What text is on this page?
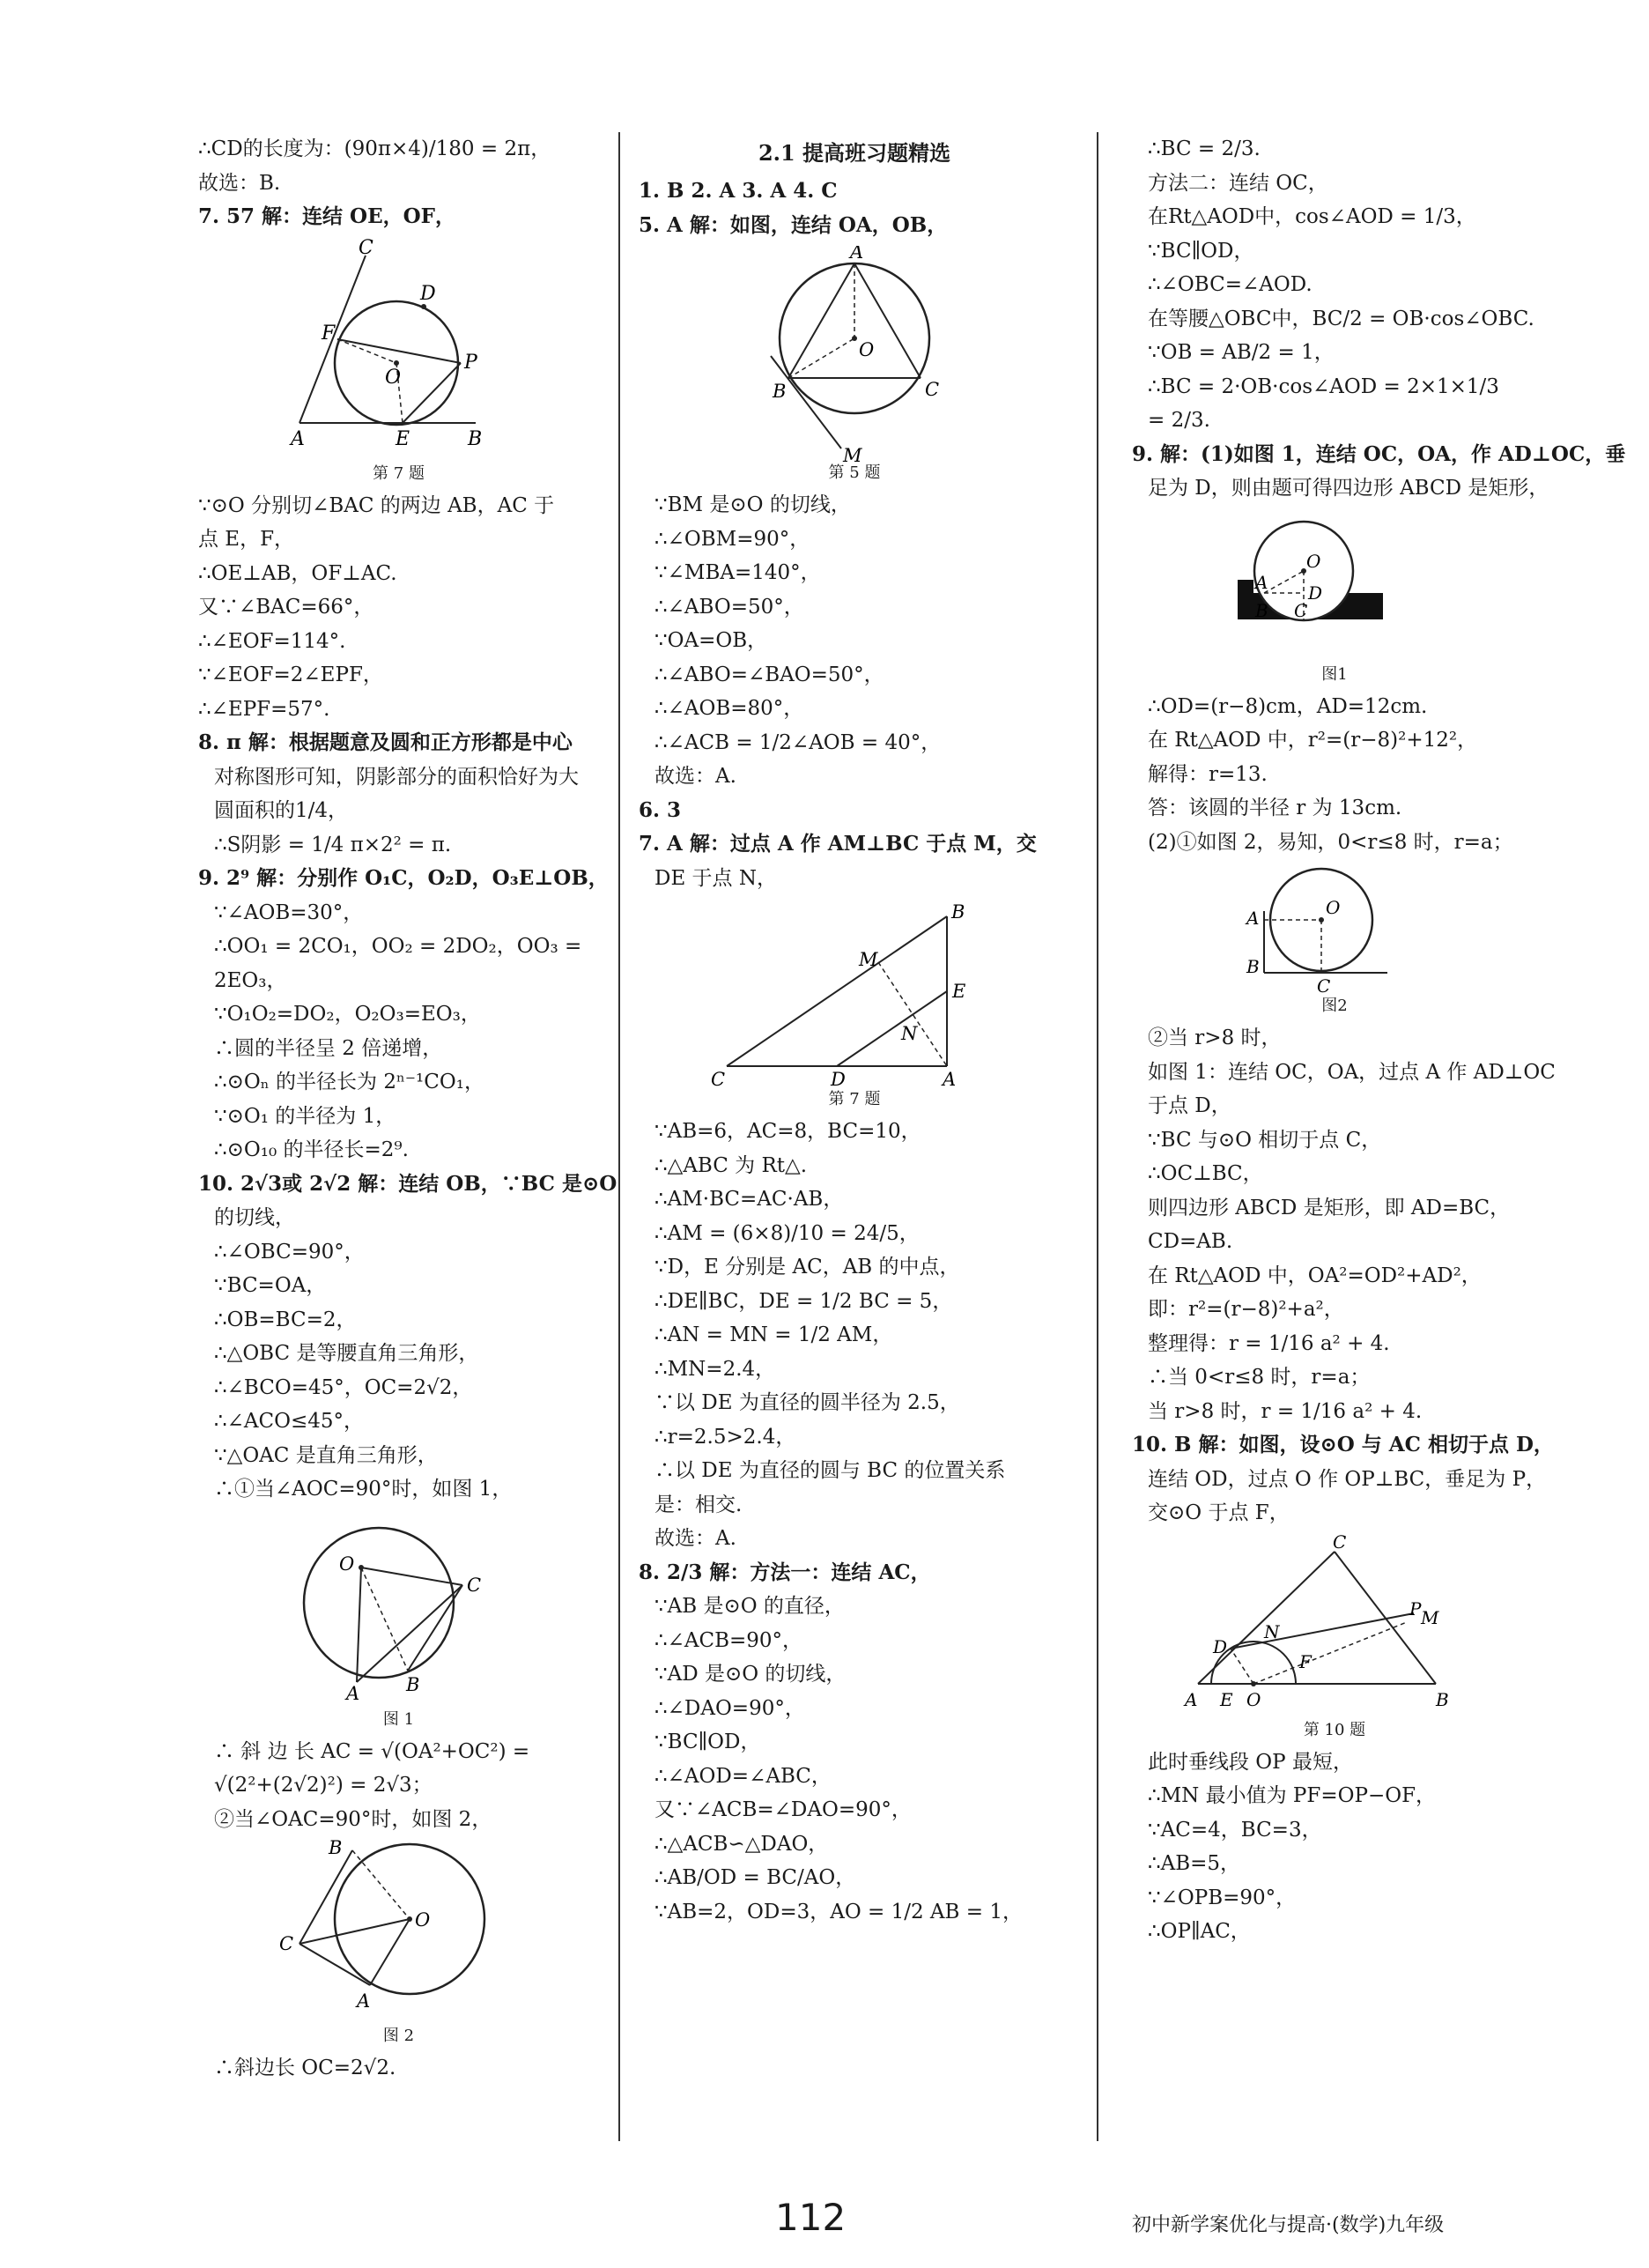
∴CD的长度为：(90π×4)/180 = 2π，
故选：B.
7. 57 解：连结 OE，OF，
C
D
F
P
O
A	E	B
第 7 题
∵⊙O 分别切∠BAC 的两边 AB，AC 于
点 E，F，
∴OE⊥AB，OF⊥AC.
又∵∠BAC=66°，
∴∠EOF=114°.
∵∠EOF=2∠EPF，
∴∠EPF=57°.
8. π 解：根据题意及圆和正方形都是中心
对称图形可知，阴影部分的面积恰好为大
圆面积的1/4，
∴S阴影 = 1/4 π×2² = π.
9. 2⁹ 解：分别作 O₁C，O₂D，O₃E⊥OB，
∵∠AOB=30°，
∴OO₁ = 2CO₁，OO₂ = 2DO₂，OO₃ =
2EO₃，
∵O₁O₂=DO₂，O₂O₃=EO₃，
∴圆的半径呈 2 倍递增，
∴⊙Oₙ 的半径长为 2ⁿ⁻¹CO₁，
∵⊙O₁ 的半径为 1，
∴⊙O₁₀ 的半径长=2⁹.
10. 2√3或 2√2 解：连结 OB，∵BC 是⊙O
的切线，
∴∠OBC=90°，
∵BC=OA，
∴OB=BC=2，
∴△OBC 是等腰直角三角形，
∴∠BCO=45°，OC=2√2，
∴∠ACO≤45°，
∵△OAC 是直角三角形，
∴①当∠AOC=90°时，如图 1，
O
C
A	B
图 1
∴ 斜 边 长 AC = √(OA²+OC²) =
√(2²+(2√2)²) = 2√3；
②当∠OAC=90°时，如图 2，
B
C
O
A
图 2
∴斜边长 OC=2√2.
2.1 提高班习题精选
1. B 2. A 3. A 4. C
5. A 解：如图，连结 OA，OB，
A
O
B	C
M
第 5 题
∵BM 是⊙O 的切线，
∴∠OBM=90°，
∵∠MBA=140°，
∴∠ABO=50°，
∵OA=OB，
∴∠ABO=∠BAO=50°，
∴∠AOB=80°，
∴∠ACB = 1/2∠AOB = 40°，
故选：A.
6. 3
7. A 解：过点 A 作 AM⊥BC 于点 M，交
DE 于点 N，
B
M
E
N
C	D	A
第 7 题
∵AB=6，AC=8，BC=10，
∴△ABC 为 Rt△.
∴AM·BC=AC·AB，
∴AM = (6×8)/10 = 24/5，
∵D，E 分别是 AC，AB 的中点，
∴DE∥BC，DE = 1/2 BC = 5，
∴AN = MN = 1/2 AM，
∴MN=2.4，
∵以 DE 为直径的圆半径为 2.5，
∴r=2.5>2.4，
∴以 DE 为直径的圆与 BC 的位置关系
是：相交.
故选：A.
8. 2/3 解：方法一：连结 AC，
∵AB 是⊙O 的直径，
∴∠ACB=90°，
∵AD 是⊙O 的切线，
∴∠DAO=90°，
∵BC∥OD，
∴∠AOD=∠ABC，
又∵∠ACB=∠DAO=90°，
∴△ACB∽△DAO，
∴AB/OD = BC/AO，
∵AB=2，OD=3，AO = 1/2 AB = 1，
∴BC = 2/3.
方法二：连结 OC，
在Rt△AOD中，cos∠AOD = 1/3，
∵BC∥OD，
∴∠OBC=∠AOD.
在等腰△OBC中，BC/2 = OB·cos∠OBC.
∵OB = AB/2 = 1，
∴BC = 2·OB·cos∠AOD = 2×1×1/3
= 2/3.
9. 解：(1)如图 1，连结 OC，OA，作 AD⊥OC，垂
足为 D，则由题可得四边形 ABCD 是矩形，
O
A D
B C
图1
∴OD=(r−8)cm，AD=12cm.
在 Rt△AOD 中，r²=(r−8)²+12²，
解得：r=13.
答：该圆的半径 r 为 13cm.
(2)①如图 2，易知，0<r≤8 时，r=a；
A	O
B
C
图2
②当 r>8 时，
如图 1：连结 OC，OA，过点 A 作 AD⊥OC
于点 D，
∵BC 与⊙O 相切于点 C，
∴OC⊥BC，
则四边形 ABCD 是矩形，即 AD=BC，
CD=AB.
在 Rt△AOD 中，OA²=OD²+AD²，
即：r²=(r−8)²+a²，
整理得：r = 1/16 a² + 4.
∴当 0<r≤8 时，r=a；
当 r>8 时，r = 1/16 a² + 4.
10. B 解：如图，设⊙O 与 AC 相切于点 D，
连结 OD，过点 O 作 OP⊥BC，垂足为 P，
交⊙O 于点 F，
C
P M
N
D
F
A E O	B
第 10 题
此时垂线段 OP 最短，
∴MN 最小值为 PF=OP−OF，
∵AC=4，BC=3，
∴AB=5，
∵∠OPB=90°，
∴OP∥AC，
112	初中新学案优化与提高·(数学)九年级
